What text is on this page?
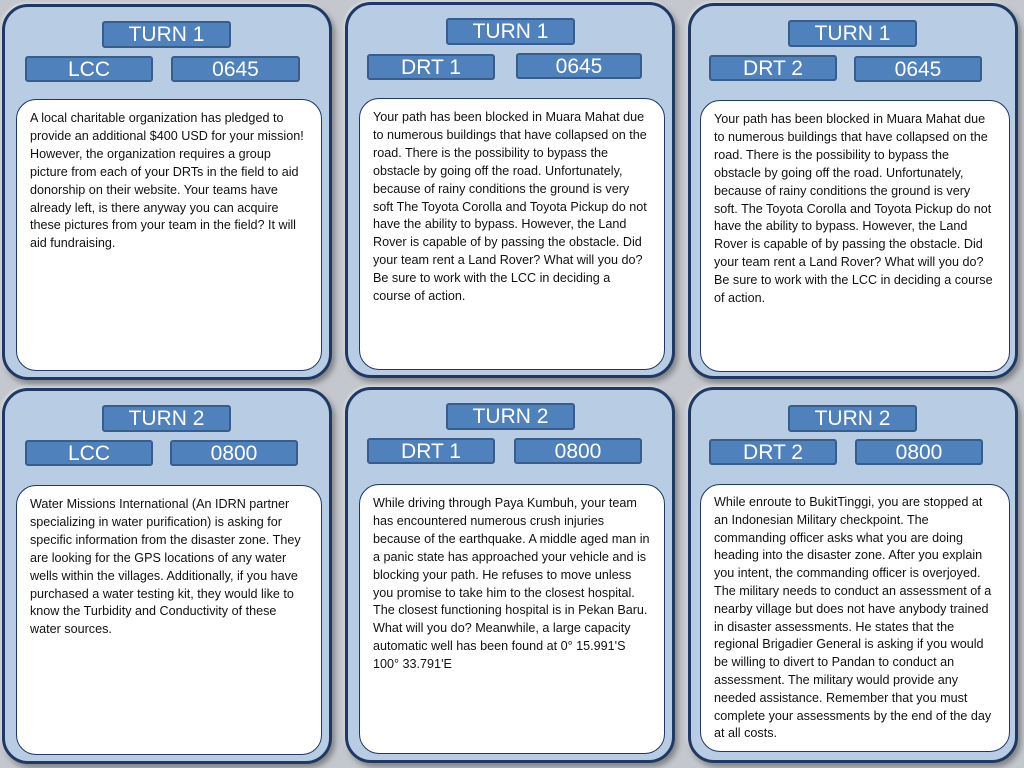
TURN 1
LCC	0645
A local charitable organization has pledged to provide an additional $400 USD for your mission! However, the organization requires a group picture from each of your DRTs in the field to aid donorship on their website. Your teams have already left, is there anyway you can acquire these pictures from your team in the field? It will aid fundraising.
TURN 1
DRT 1	0645
Your path has been blocked in Muara Mahat due to numerous buildings that have collapsed on the road. There is the possibility to bypass the obstacle by going off the road. Unfortunately, because of rainy conditions the ground is very soft The Toyota Corolla and Toyota Pickup do not have the ability to bypass. However, the Land Rover is capable of by passing the obstacle. Did your team rent a Land Rover? What will you do? Be sure to work with the LCC in deciding a course of action.
TURN 1
DRT 2	0645
Your path has been blocked in Muara Mahat due to numerous buildings that have collapsed on the road. There is the possibility to bypass the obstacle by going off the road. Unfortunately, because of rainy conditions the ground is very soft. The Toyota Corolla and Toyota Pickup do not have the ability to bypass. However, the Land Rover is capable of by passing the obstacle. Did your team rent a Land Rover? What will you do? Be sure to work with the LCC in deciding a course of action.
TURN 2
LCC	0800
Water Missions International (An IDRN partner specializing in water purification) is asking for specific information from the disaster zone. They are looking for the GPS locations of any water wells within the villages. Additionally, if you have purchased a water testing kit, they would like to know the Turbidity and Conductivity of these water sources.
TURN 2
DRT 1	0800
While driving through Paya Kumbuh, your team has encountered numerous crush injuries because of the earthquake. A middle aged man in a panic state has approached your vehicle and is blocking your path. He refuses to move unless you promise to take him to the closest hospital. The closest functioning hospital is in Pekan Baru. What will you do? Meanwhile, a large capacity automatic well has been found at 0° 15.991'S 100° 33.791'E
TURN 2
DRT 2	0800
While enroute to BukitTinggi, you are stopped at an Indonesian Military checkpoint. The commanding officer asks what you are doing heading into the disaster zone. After you explain you intent, the commanding officer is overjoyed. The military needs to conduct an assessment of a nearby village but does not have anybody trained in disaster assessments. He states that the regional Brigadier General is asking if you would be willing to divert to Pandan to conduct an assessment. The military would provide any needed assistance. Remember that you must complete your assessments by the end of the day at all costs.
